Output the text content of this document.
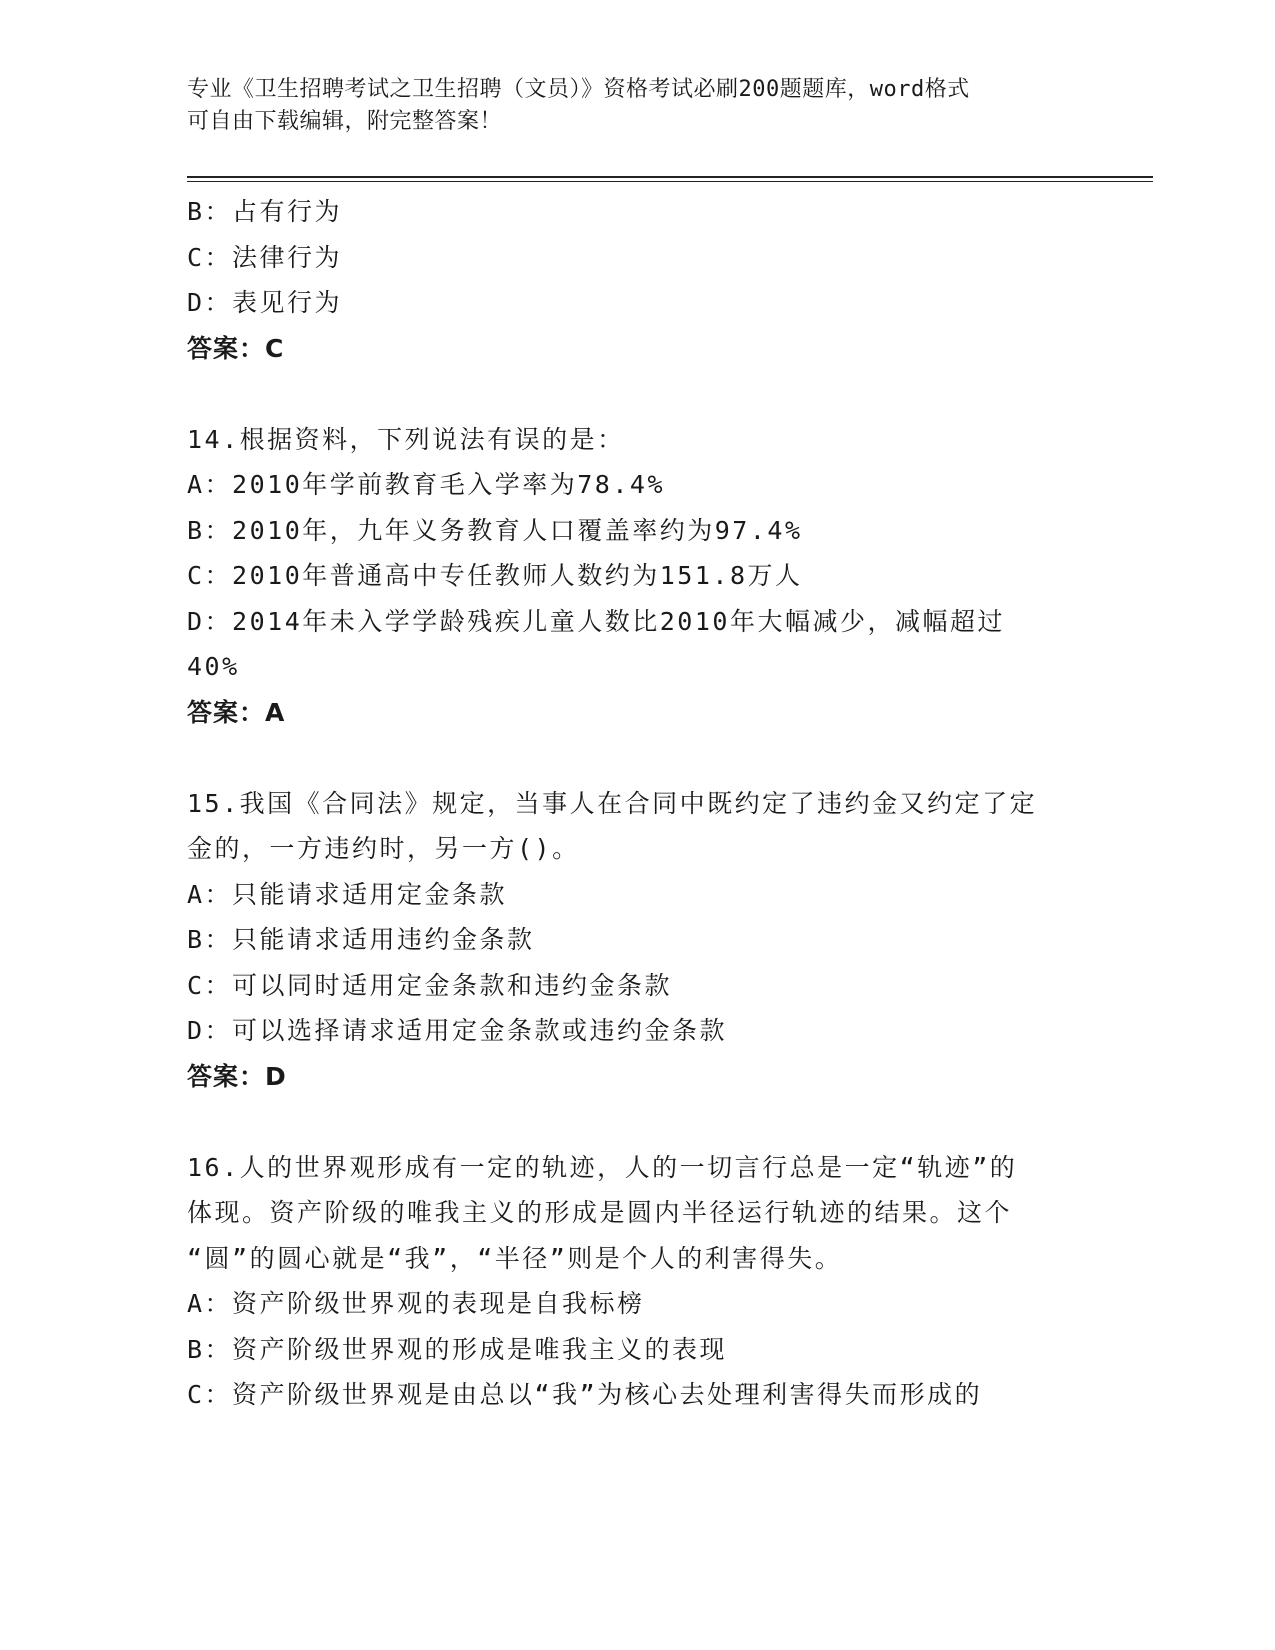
专业《卫生招聘考试之卫生招聘（文员）》资格考试必刷200题题库，word格式
可自由下载编辑，附完整答案！
B：占有行为
C：法律行为
D：表见行为
答案：C
14.根据资料，下列说法有误的是：
A：2010年学前教育毛入学率为78.4%
B：2010年，九年义务教育人口覆盖率约为97.4%
C：2010年普通高中专任教师人数约为151.8万人
D：2014年未入学学龄残疾儿童人数比2010年大幅减少，减幅超过
40%
答案：A
15.我国《合同法》规定，当事人在合同中既约定了违约金又约定了定
金的，一方违约时，另一方()。
A：只能请求适用定金条款
B：只能请求适用违约金条款
C：可以同时适用定金条款和违约金条款
D：可以选择请求适用定金条款或违约金条款
答案：D
16.人的世界观形成有一定的轨迹，人的一切言行总是一定“轨迹”的
体现。资产阶级的唯我主义的形成是圆内半径运行轨迹的结果。这个
“圆”的圆心就是“我”，“半径”则是个人的利害得失。
A：资产阶级世界观的表现是自我标榜
B：资产阶级世界观的形成是唯我主义的表现
C：资产阶级世界观是由总以“我”为核心去处理利害得失而形成的
